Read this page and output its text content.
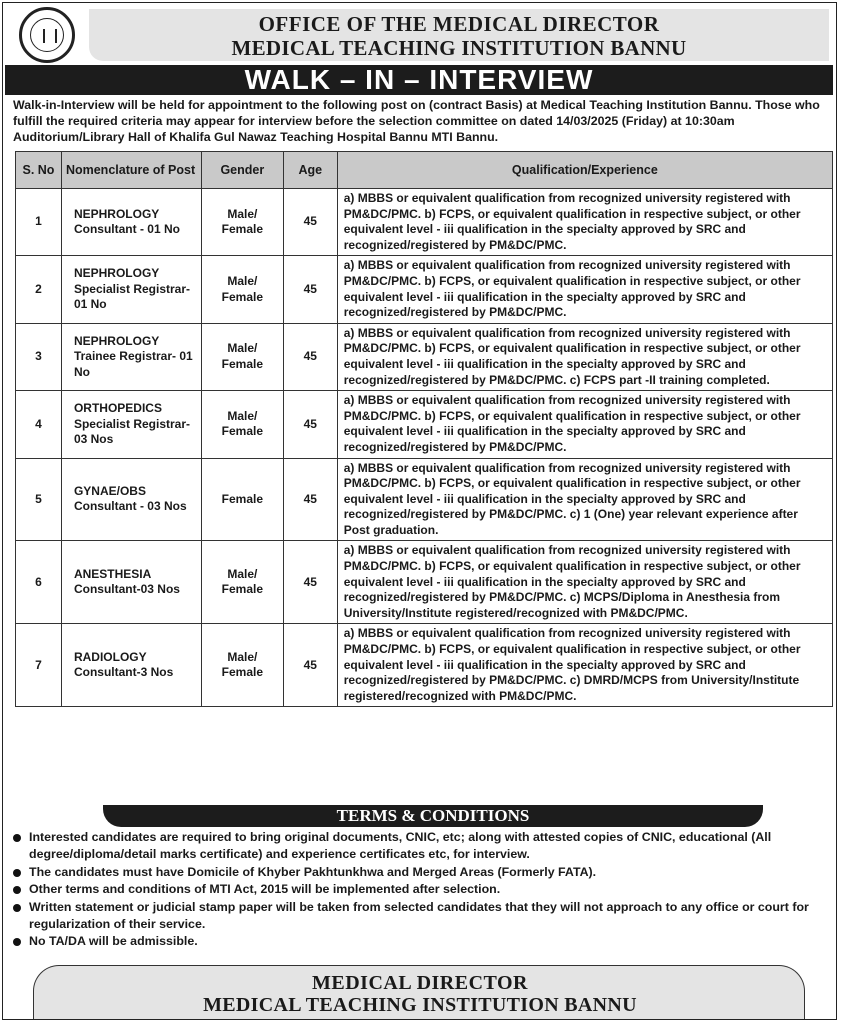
OFFICE OF THE MEDICAL DIRECTOR
MEDICAL TEACHING INSTITUTION BANNU
WALK – IN – INTERVIEW
Walk-in-Interview will be held for appointment to the following post on (contract Basis) at Medical Teaching Institution Bannu. Those who fulfill the required criteria may appear for interview before the selection committee on dated 14/03/2025 (Friday) at 10:30am Auditorium/Library Hall of Khalifa Gul Nawaz Teaching Hospital Bannu MTI Bannu.
S. No	Nomenclature of Post	Gender	Age	Qualification/Experience
1	NEPHROLOGY Consultant - 01 No	Male/ Female	45	a) MBBS or equivalent qualification from recognized university registered with PM&DC/PMC. b) FCPS, or equivalent qualification in respective subject, or other equivalent level - iii qualification in the specialty approved by SRC and recognized/registered by PM&DC/PMC.
2	NEPHROLOGY Specialist Registrar- 01 No	Male/ Female	45	a) MBBS or equivalent qualification from recognized university registered with PM&DC/PMC. b) FCPS, or equivalent qualification in respective subject, or other equivalent level - iii qualification in the specialty approved by SRC and recognized/registered by PM&DC/PMC.
3	NEPHROLOGY Trainee Registrar- 01 No	Male/ Female	45	a) MBBS or equivalent qualification from recognized university registered with PM&DC/PMC. b) FCPS, or equivalent qualification in respective subject, or other equivalent level - iii qualification in the specialty approved by SRC and recognized/registered by PM&DC/PMC. c) FCPS part -II training completed.
4	ORTHOPEDICS Specialist Registrar- 03 Nos	Male/ Female	45	a) MBBS or equivalent qualification from recognized university registered with PM&DC/PMC. b) FCPS, or equivalent qualification in respective subject, or other equivalent level - iii qualification in the specialty approved by SRC and recognized/registered by PM&DC/PMC.
5	GYNAE/OBS Consultant - 03 Nos	Female	45	a) MBBS or equivalent qualification from recognized university registered with PM&DC/PMC. b) FCPS, or equivalent qualification in respective subject, or other equivalent level - iii qualification in the specialty approved by SRC and recognized/registered by PM&DC/PMC. c) 1 (One) year relevant experience after Post graduation.
6	ANESTHESIA Consultant-03 Nos	Male/ Female	45	a) MBBS or equivalent qualification from recognized university registered with PM&DC/PMC. b) FCPS, or equivalent qualification in respective subject, or other equivalent level - iii qualification in the specialty approved by SRC and recognized/registered by PM&DC/PMC. c) MCPS/Diploma in Anesthesia from University/Institute registered/recognized with PM&DC/PMC.
7	RADIOLOGY Consultant-3 Nos	Male/ Female	45	a) MBBS or equivalent qualification from recognized university registered with PM&DC/PMC. b) FCPS, or equivalent qualification in respective subject, or other equivalent level - iii qualification in the specialty approved by SRC and recognized/registered by PM&DC/PMC. c) DMRD/MCPS from University/Institute registered/recognized with PM&DC/PMC.
TERMS & CONDITIONS
Interested candidates are required to bring original documents, CNIC, etc; along with attested copies of CNIC, educational (All degree/diploma/detail marks certificate) and experience certificates etc, for interview.
The candidates must have Domicile of Khyber Pakhtunkhwa and Merged Areas (Formerly FATA).
Other terms and conditions of MTI Act, 2015 will be implemented after selection.
Written statement or judicial stamp paper will be taken from selected candidates that they will not approach to any office or court for regularization of their service.
No TA/DA will be admissible.
MEDICAL DIRECTOR
MEDICAL TEACHING INSTITUTION BANNU
